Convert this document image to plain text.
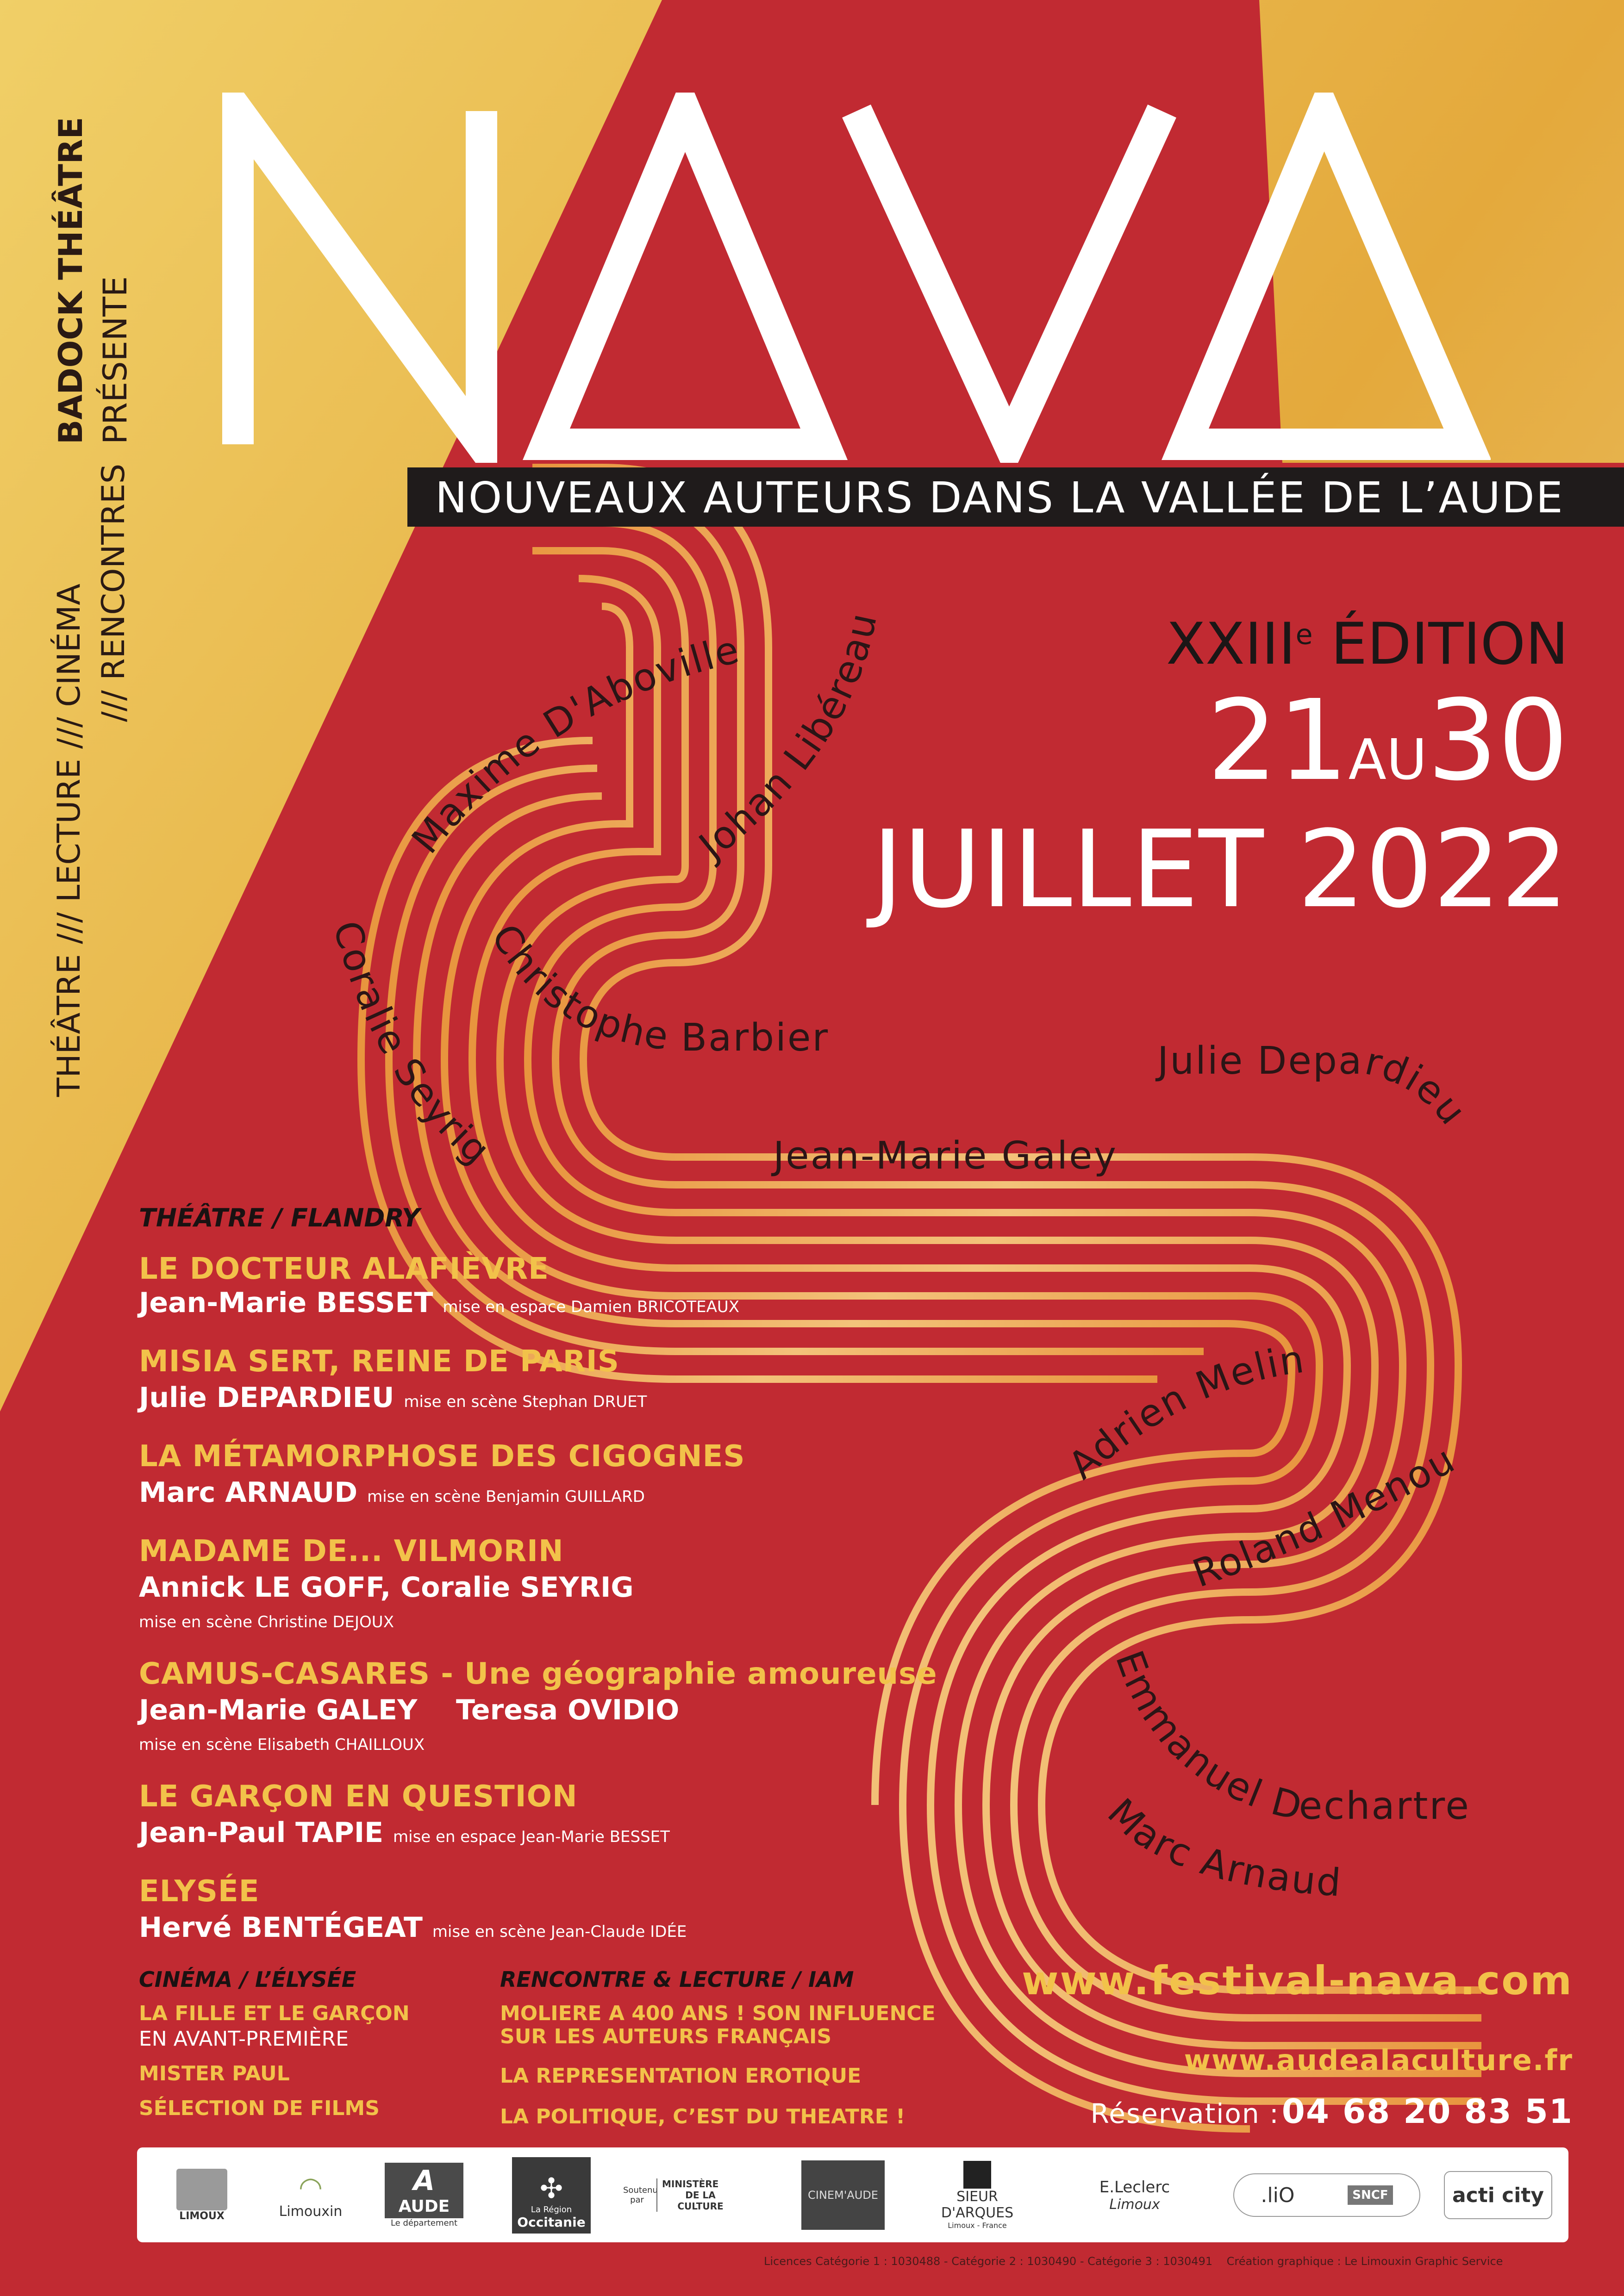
Maxime D'Aboville
Johan Libéreau
Coralie Seyrig
Christophe Barbier
Julie Depardieu
Jean-Marie Galey
Adrien Melin
Roland Menou
Emmanuel Dechartre
Marc Arnaud
BADOCK THÉÂTRE PRÉSENTE
THÉÂTRE /// LECTURE /// CINÉMA /// RENCONTRES	NOUVEAUX AUTEURS DANS LA VALLÉE DE L’AUDE
XXIIIe ÉDITION
21AU30
JUILLET 2022
THÉÂTRE / FLANDRY
LE DOCTEUR ALAFIÈVRE
Jean-Marie BESSET mise en espace Damien BRICOTEAUX
MISIA SERT, REINE DE PARIS
Julie DEPARDIEU mise en scène Stephan DRUET
LA MÉTAMORPHOSE DES CIGOGNES
Marc ARNAUD mise en scène Benjamin GUILLARD
MADAME DE... VILMORIN
Annick LE GOFF, Coralie SEYRIG
mise en scène Christine DEJOUX
CAMUS-CASARES - Une géographie amoureuse
Jean-Marie GALEY    Teresa OVIDIO
mise en scène Elisabeth CHAILLOUX
LE GARÇON EN QUESTION
Jean-Paul TAPIE mise en espace Jean-Marie BESSET
ELYSÉE
Hervé BENTÉGEAT mise en scène Jean-Claude IDÉE
CINÉMA / L’ÉLYSÉE
LA FILLE ET LE GARÇON
EN AVANT-PREMIÈRE
MISTER PAUL
SÉLECTION DE FILMS
RENCONTRE & LECTURE / IAM
MOLIERE A 400 ANS ! SON INFLUENCE
SUR LES AUTEURS FRANÇAIS
LA REPRESENTATION EROTIQUE
LA POLITIQUE, C’EST DU THEATRE !
www.festival-nava.com
www.audealaculture.fr
Réservation : 04 68 20 83 51
LIMOUX
◠
Limouxin
A
AUDE
Le département
✣
La Région
Occitanie
Soutenu par
MINISTÈRE
DE LA CULTURE
CINEM'AUDE	SIEUR D'ARQUES
Limoux - France
E.Leclerc
Limoux	.liO	SNCF	acti city
Licences Catégorie 1 : 1030488 - Catégorie 2 : 1030490 - Catégorie 3 : 1030491 Création graphique : Le Limouxin Graphic Service
